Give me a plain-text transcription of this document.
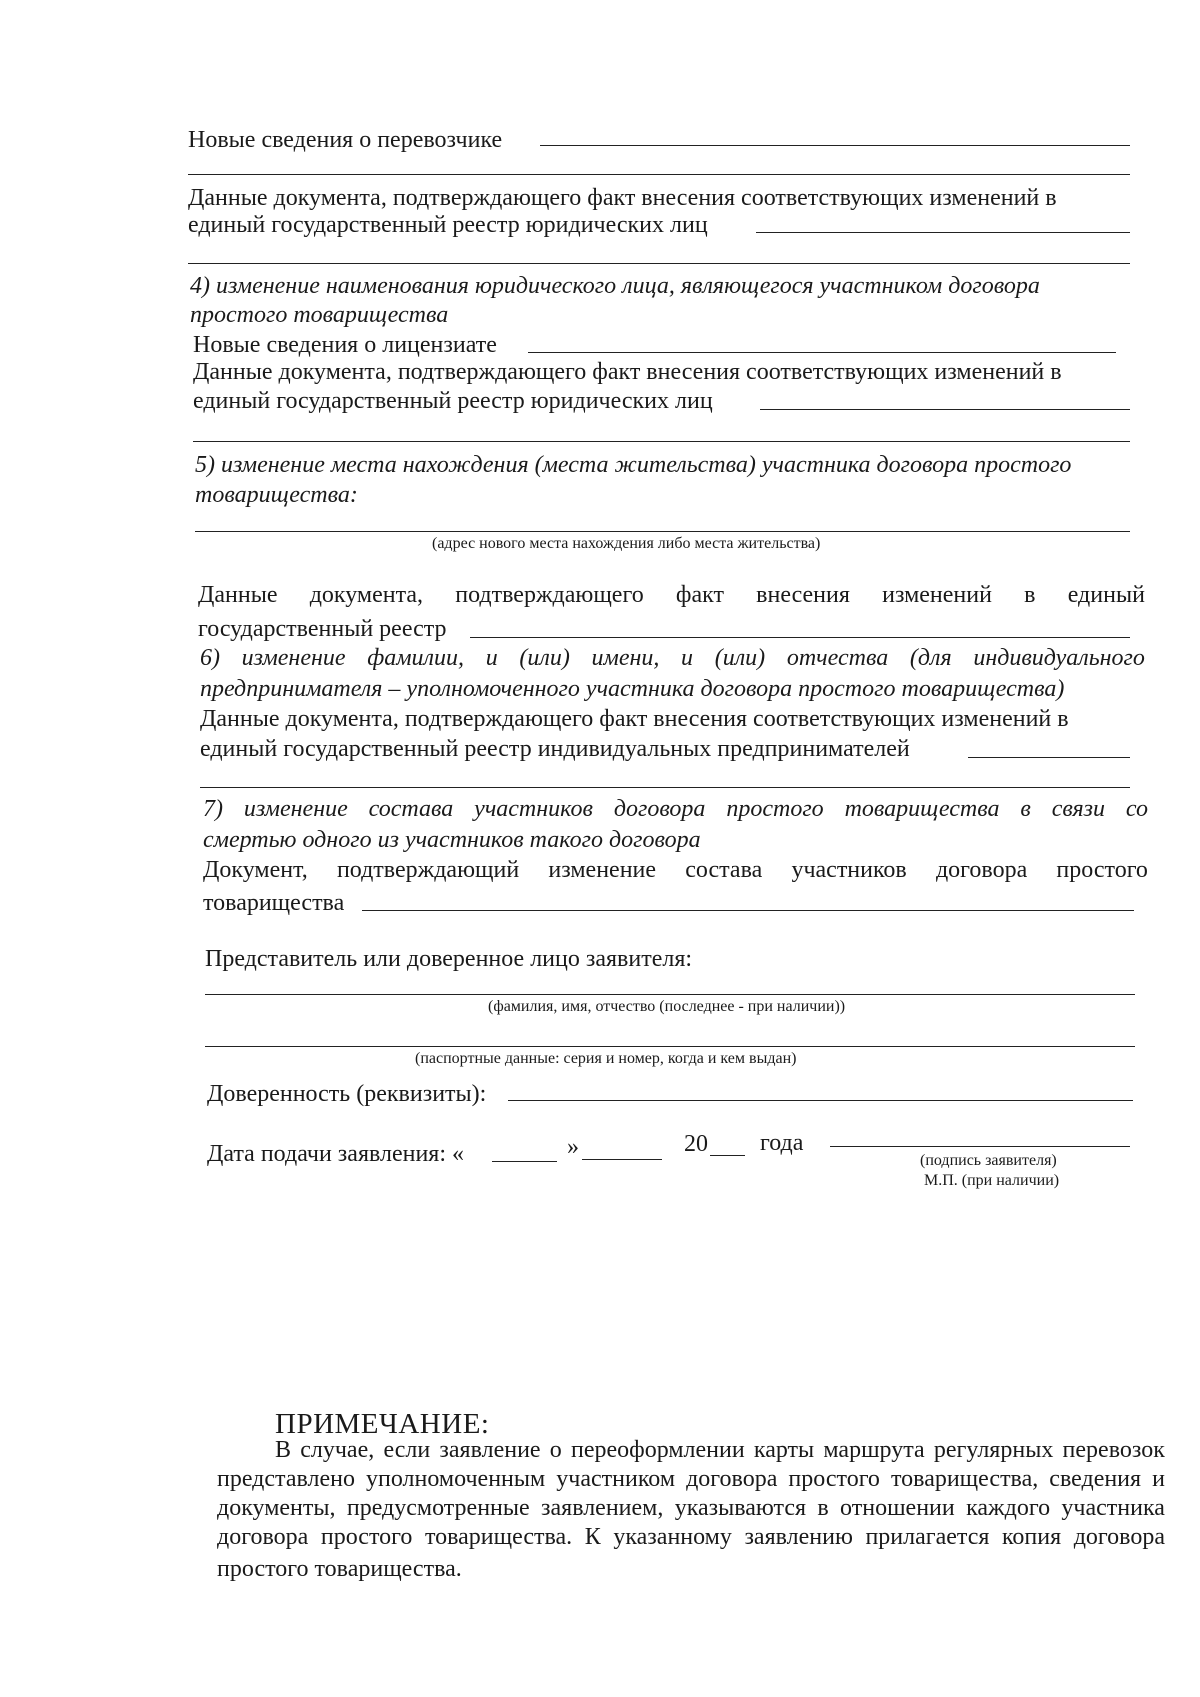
Новые сведения о перевозчике
Данные документа, подтверждающего факт внесения соответствующих изменений в
единый государственный реестр юридических лиц
4) изменение наименования юридического лица, являющегося участником договора
простого товарищества
Новые сведения о лицензиате
Данные документа, подтверждающего факт внесения соответствующих изменений в
единый государственный реестр юридических лиц
5) изменение места нахождения (места жительства) участника договора простого
товарищества:
(адрес нового места нахождения либо места жительства)
Данные документа, подтверждающего факт внесения изменений в единый
государственный реестр
6) изменение фамилии, и (или) имени, и (или) отчества (для индивидуального
предпринимателя – уполномоченного участника договора простого товарищества)
Данные документа, подтверждающего факт внесения соответствующих изменений в
единый государственный реестр индивидуальных предпринимателей
7) изменение состава участников договора простого товарищества в связи со
смертью одного из участников такого договора
Документ, подтверждающий изменение состава участников договора простого
товарищества
Представитель или доверенное лицо заявителя:
(фамилия, имя, отчество (последнее - при наличии))
(паспортные данные: серия и номер, когда и кем выдан)
Доверенность (реквизиты):
Дата подачи заявления: «	»	20 года
(подпись заявителя)
М.П. (при наличии)
ПРИМЕЧАНИЕ:
В случае, если заявление о переоформлении карты маршрута регулярных перевозок
представлено уполномоченным участником договора простого товарищества, сведения и
документы, предусмотренные заявлением, указываются в отношении каждого участника
договора простого товарищества. К указанному заявлению прилагается копия договора
простого товарищества.
